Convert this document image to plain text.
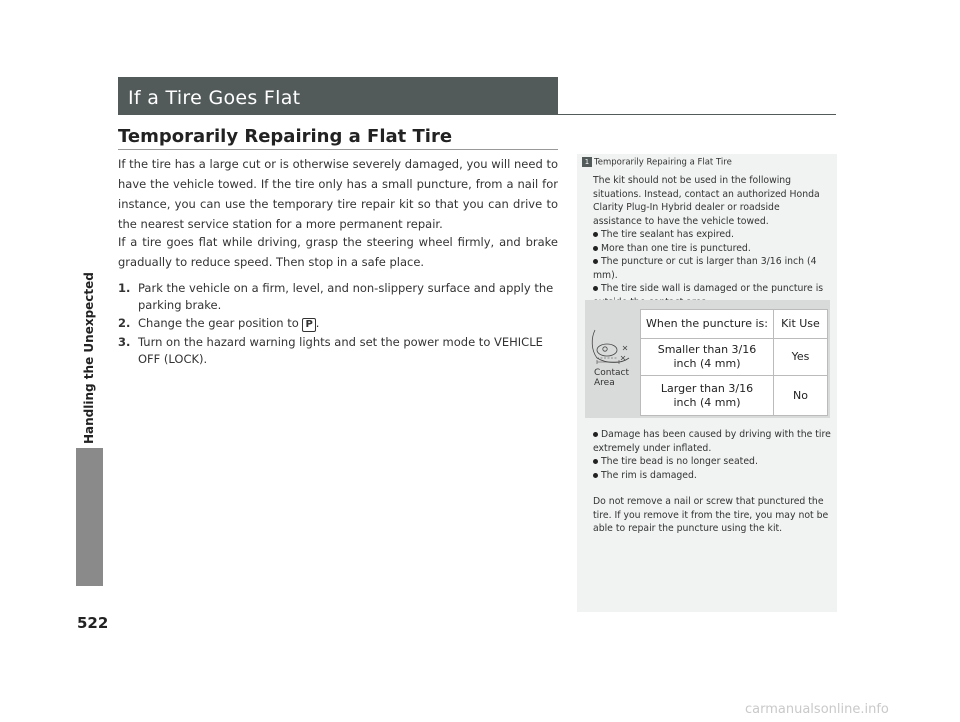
Handling the Unexpected
522
If a Tire Goes Flat
Temporarily Repairing a Flat Tire
If the tire has a large cut or is otherwise severely damaged, you will need to have the vehicle towed. If the tire only has a small puncture, from a nail for instance, you can use the temporary tire repair kit so that you can drive to the nearest service station for a more permanent repair.
If a tire goes flat while driving, grasp the steering wheel firmly, and brake gradually to reduce speed. Then stop in a safe place.
1. Park the vehicle on a firm, level, and non-slippery surface and apply the parking brake.
2. Change the gear position to P .
3. Turn on the hazard warning lights and set the power mode to VEHICLE OFF (LOCK).
1 Temporarily Repairing a Flat Tire
The kit should not be used in the following situations. Instead, contact an authorized Honda Clarity Plug-In Hybrid dealer or roadside assistance to have the vehicle towed.
The tire sealant has expired.
More than one tire is punctured.
The puncture or cut is larger than 3/16 inch (4 mm).
The tire side wall is damaged or the puncture is
Contact Area
When the puncture is:	Kit Use
Smaller than 3/16 inch (4 mm)
Yes
Larger than 3/16 inch (4 mm)
No
Damage has been caused by driving with the tire extremely under inflated.
The tire bead is no longer seated.
The rim is damaged.
Do not remove a nail or screw that punctured the tire. If you remove it from the tire, you may not be able to repair the puncture using the kit.
carmanualsonline.info
